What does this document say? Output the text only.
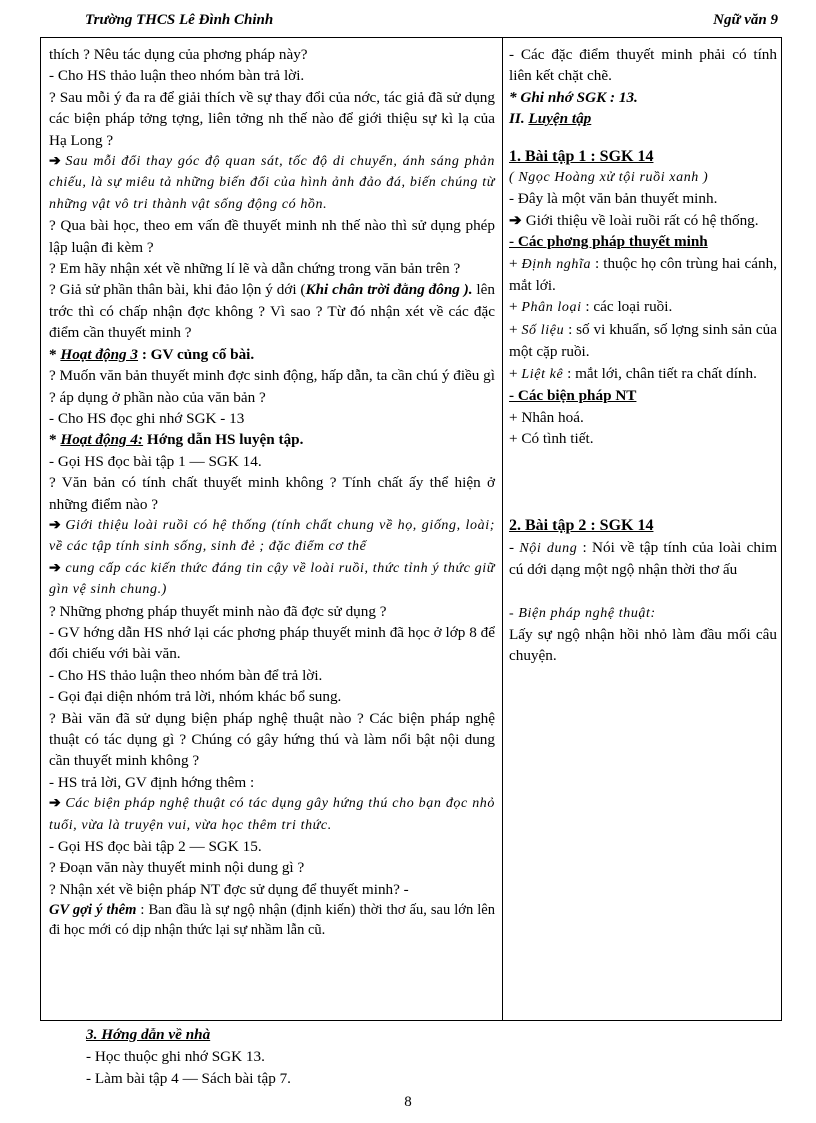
Trường THCS Lê Đình Chinh	Ngữ văn 9

thích ? Nêu tác dụng của phơng pháp này?

- Cho HS thảo luận theo nhóm bàn trả lời.

? Sau mỗi ý đa ra để giải thích về sự thay đổi của nớc, tác giả đã sử dụng các biện pháp tởng tợng, liên tởng nh thế nào để giới thiệu sự kì lạ của Hạ Long ?

➔ Sau mỗi đổi thay góc độ quan sát, tốc độ di chuyển, ánh sáng phản chiếu, là sự miêu tả những biến đổi của hình ảnh đảo đá, biến chúng từ những vật vô tri thành vật sống động có hồn.

? Qua bài học, theo em vấn đề thuyết minh nh thế nào thì sử dụng phép lập luận đi kèm ?

? Em hãy nhận xét về những lí lẽ và dẫn chứng trong văn bản trên ?

? Giả sử phần thân bài, khi đảo lộn ý dới (Khi chân trời đằng đông ). lên trớc thì có chấp nhận đợc không ? Vì sao ? Từ đó nhận xét về các đặc điểm cần thuyết minh ?

* Hoạt động 3 : GV củng cố bài.

? Muốn văn bản thuyết minh đợc sinh động, hấp dẫn, ta cần chú ý điều gì ? áp dụng ở phần nào của văn bản ?

- Cho HS đọc ghi nhớ SGK - 13

* Hoạt động 4: Hớng dẫn HS luyện tập.

- Gọi HS đọc bài tập 1 — SGK 14.

? Văn bản có tính chất thuyết minh không ? Tính chất ấy thể hiện ở những điểm nào ?

➔ Giới thiệu loài ruồi có hệ thống (tính chất chung về họ, giống, loài; về các tập tính sinh sống, sinh đẻ ; đặc điểm cơ thể

➔ cung cấp các kiến thức đáng tin cậy về loài ruồi, thức tỉnh ý thức giữ gìn vệ sinh chung.)

? Những phơng pháp thuyết minh nào đã đợc sử dụng ?

- GV hớng dẫn HS nhớ lại các phơng pháp thuyết minh đã học ở lớp 8 để đối chiếu với bài văn.

- Cho HS thảo luận theo nhóm bàn để trả lời.

- Gọi đại diện nhóm trả lời, nhóm khác bổ sung.

? Bài văn đã sử dụng biện pháp nghệ thuật nào ? Các biện pháp nghệ thuật có tác dụng gì ? Chúng có gây hứng thú và làm nổi bật nội dung cần thuyết minh không ?

- HS trả lời, GV định hớng thêm :

➔ Các biện pháp nghệ thuật có tác dụng gây hứng thú cho bạn đọc nhỏ tuổi, vừa là truyện vui, vừa học thêm tri thức.

- Gọi HS đọc bài tập 2 — SGK 15.

? Đoạn văn này thuyết minh nội dung gì ?

? Nhận xét về biện pháp NT đợc sử dụng để thuyết minh? -

GV gợi ý thêm : Ban đầu là sự ngộ nhận (định kiến) thời thơ ấu, sau lớn lên đi học mới có dịp nhận thức lại sự nhầm lẫn cũ.

- Các đặc điểm thuyết minh phải có tính liên kết chặt chẽ.

* Ghi nhớ SGK : 13.

II. Luyện tập

1. Bài tập 1 : SGK 14

( Ngọc Hoàng xử tội ruồi xanh )

- Đây là một văn bản thuyết minh.

➔ Giới thiệu về loài ruồi rất có hệ thống.

- Các phơng pháp thuyết minh

+ Định nghĩa : thuộc họ côn trùng hai cánh, mắt lới.

+ Phân loại : các loại ruồi.

+ Số liệu : số vi khuẩn, số lợng sinh sản của một cặp ruồi.

+ Liệt kê : mắt lới, chân tiết ra chất dính.

- Các biện pháp NT

+ Nhân hoá.

+ Có tình tiết.

2. Bài tập 2 : SGK 14

- Nội dung : Nói về tập tính của loài chim cú dới dạng một ngộ nhận thời thơ ấu

- Biện pháp nghệ thuật:

Lấy sự ngộ nhận hồi nhỏ làm đầu mối câu chuyện.

3. Hớng dẫn về nhà
- Học thuộc ghi nhớ SGK 13.
- Làm bài tập 4 — Sách bài tập 7.
8
